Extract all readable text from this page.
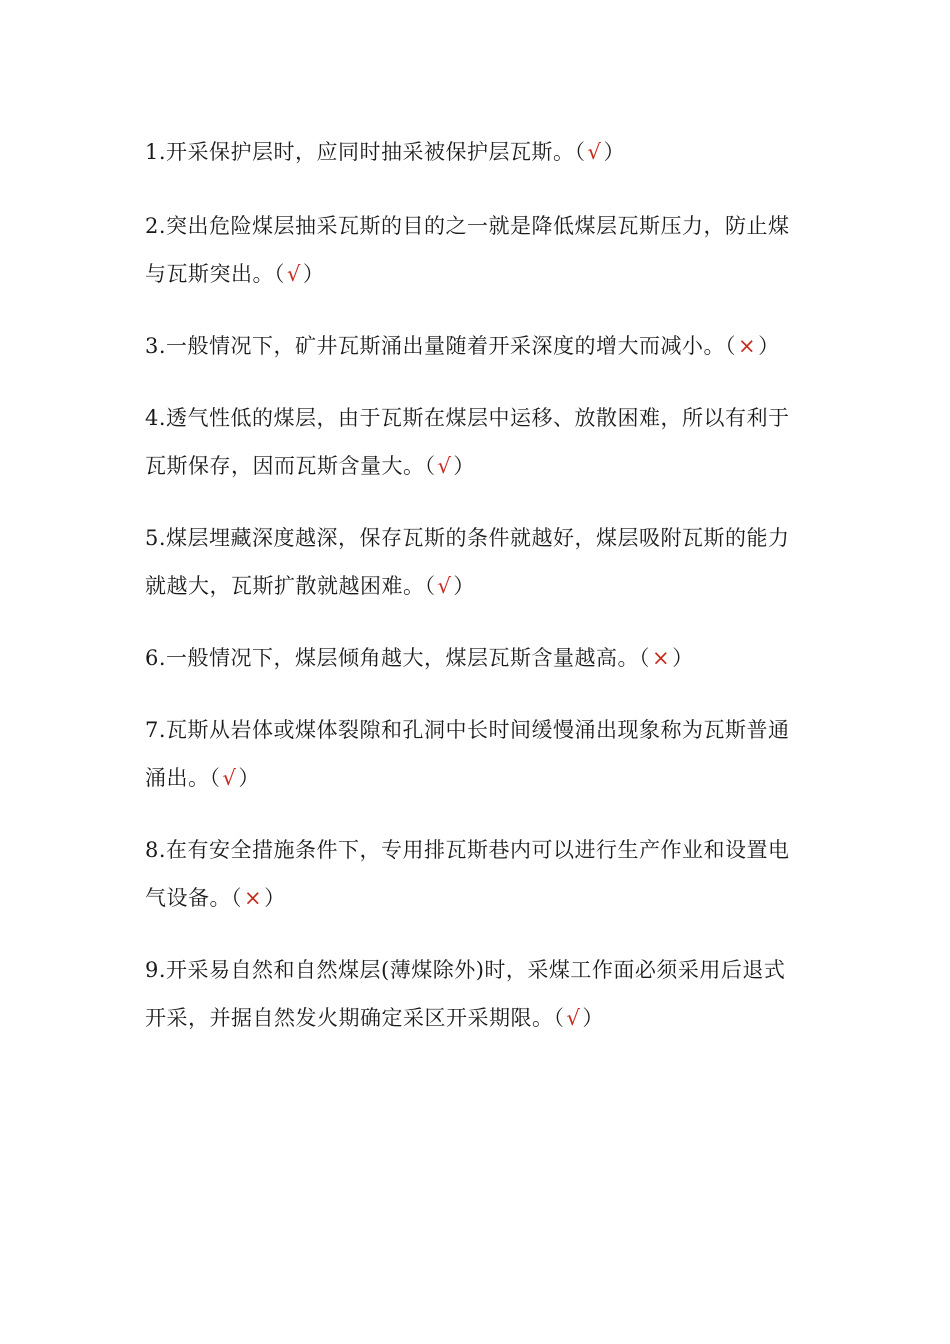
1.开采保护层时，应同时抽采被保护层瓦斯。（√）

2.突出危险煤层抽采瓦斯的目的之一就是降低煤层瓦斯压力，防止煤与瓦斯突出。（√）

3.一般情况下，矿井瓦斯涌出量随着开采深度的增大而减小。（×）

4.透气性低的煤层，由于瓦斯在煤层中运移、放散困难，所以有利于瓦斯保存，因而瓦斯含量大。（√）

5.煤层埋藏深度越深，保存瓦斯的条件就越好，煤层吸附瓦斯的能力就越大，瓦斯扩散就越困难。（√）

6.一般情况下，煤层倾角越大，煤层瓦斯含量越高。（×）

7.瓦斯从岩体或煤体裂隙和孔洞中长时间缓慢涌出现象称为瓦斯普通涌出。（√）

8.在有安全措施条件下，专用排瓦斯巷内可以进行生产作业和设置电气设备。（×）

9.开采易自然和自然煤层(薄煤除外)时，采煤工作面必须采用后退式开采，并据自然发火期确定采区开采期限。（√）
